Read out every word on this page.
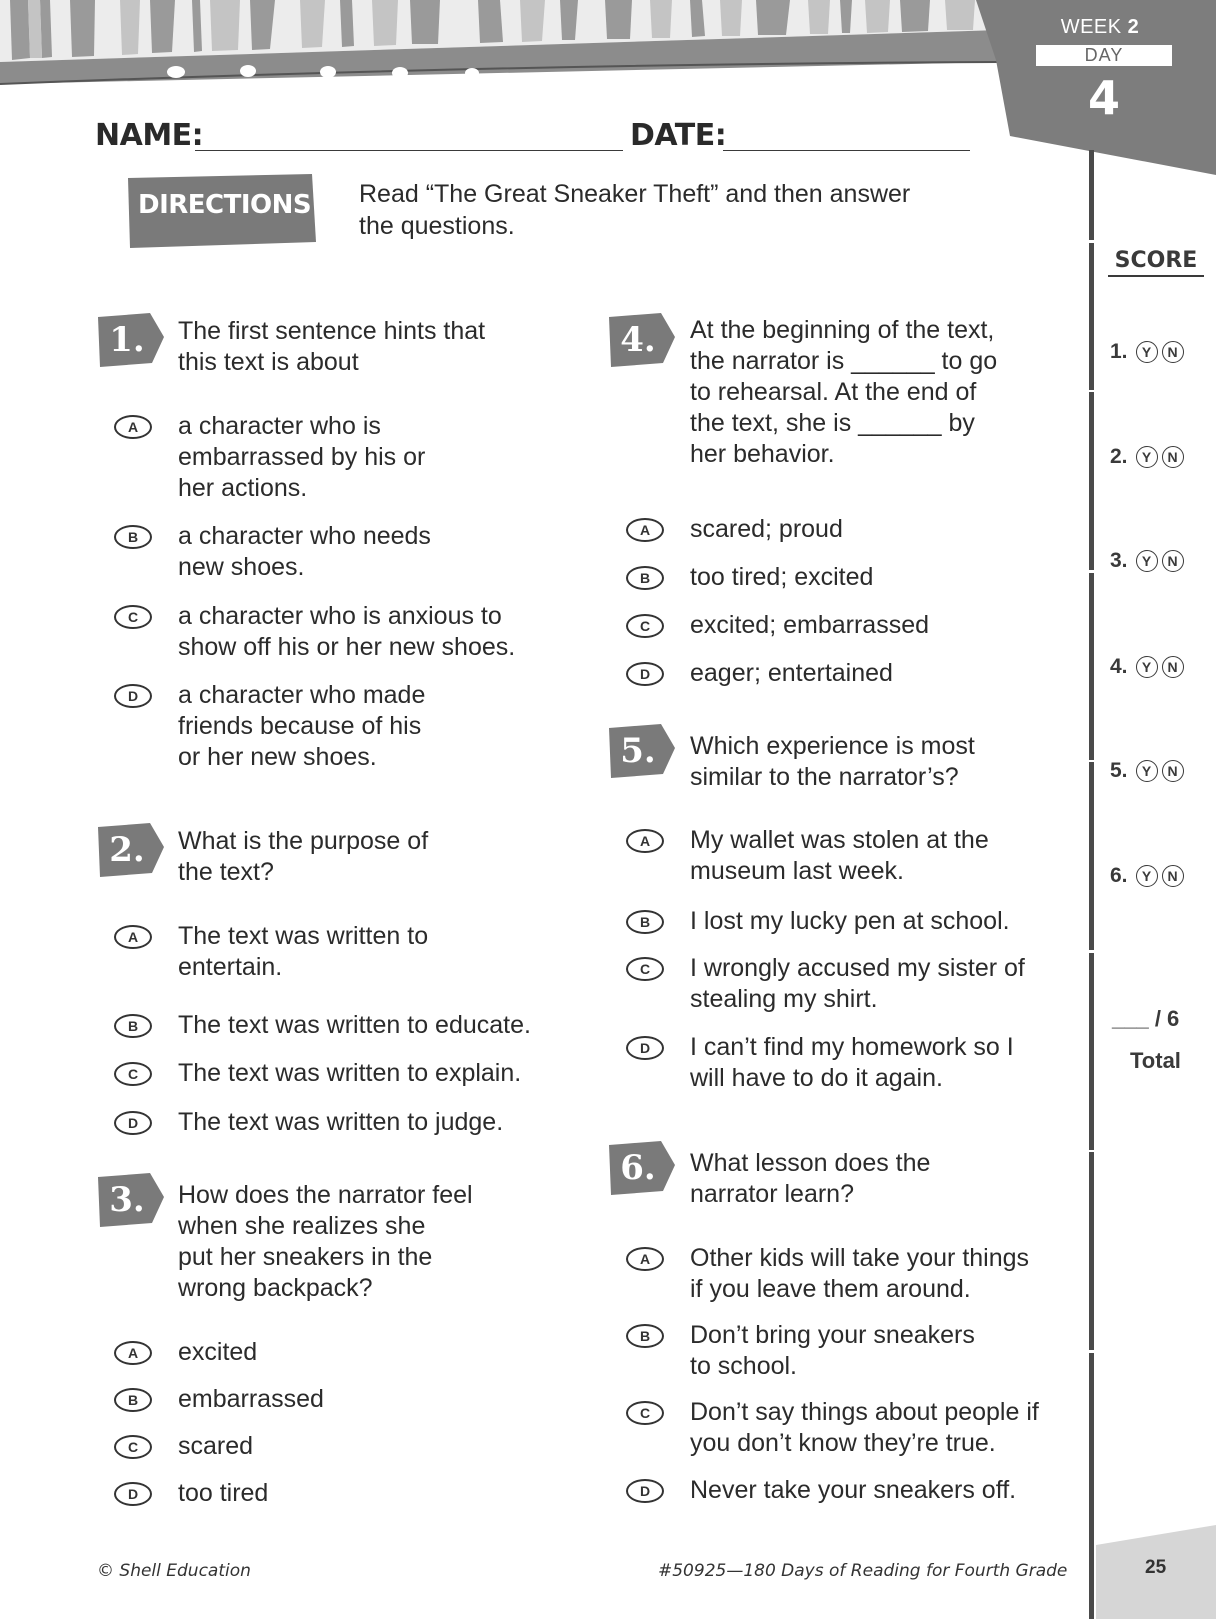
WEEK 2
DAY
4
NAME:	DATE:
DIRECTIONS Read “The Great Sneaker Theft” and then answer
the questions.
SCORE
1.	Y	N
2.	Y	N
3.	Y	N
4.	Y	N
5.	Y	N
6.	Y	N
___ / 6
Total
1.	The first sentence hints that
this text is about
A	a character who is
embarrassed by his or
her actions.
B	a character who needs
new shoes.
C	a character who is anxious to
show off his or her new shoes.
D	a character who made
friends because of his
or her new shoes.
2.	What is the purpose of
the text?
A	The text was written to
entertain.
B	The text was written to educate.
C	The text was written to explain.
D	The text was written to judge.
3.	How does the narrator feel
when she realizes she
put her sneakers in the
wrong backpack?
A	excited
B	embarrassed
C	scared
D	too tired
4.	At the beginning of the text,
the narrator is ______ to go
to rehearsal. At the end of
the text, she is ______ by
her behavior.
A	scared; proud
B	too tired; excited
C	excited; embarrassed
D	eager; entertained
5.	Which experience is most
similar to the narrator’s?
A	My wallet was stolen at the
museum last week.
B	I lost my lucky pen at school.
C	I wrongly accused my sister of
stealing my shirt.
D	I can’t find my homework so I
will have to do it again.
6.	What lesson does the
narrator learn?
A	Other kids will take your things
if you leave them around.
B	Don’t bring your sneakers
to school.
C	Don’t say things about people if
you don’t know they’re true.
D	Never take your sneakers off.
© Shell Education	#50925—180 Days of Reading for Fourth Grade	25
